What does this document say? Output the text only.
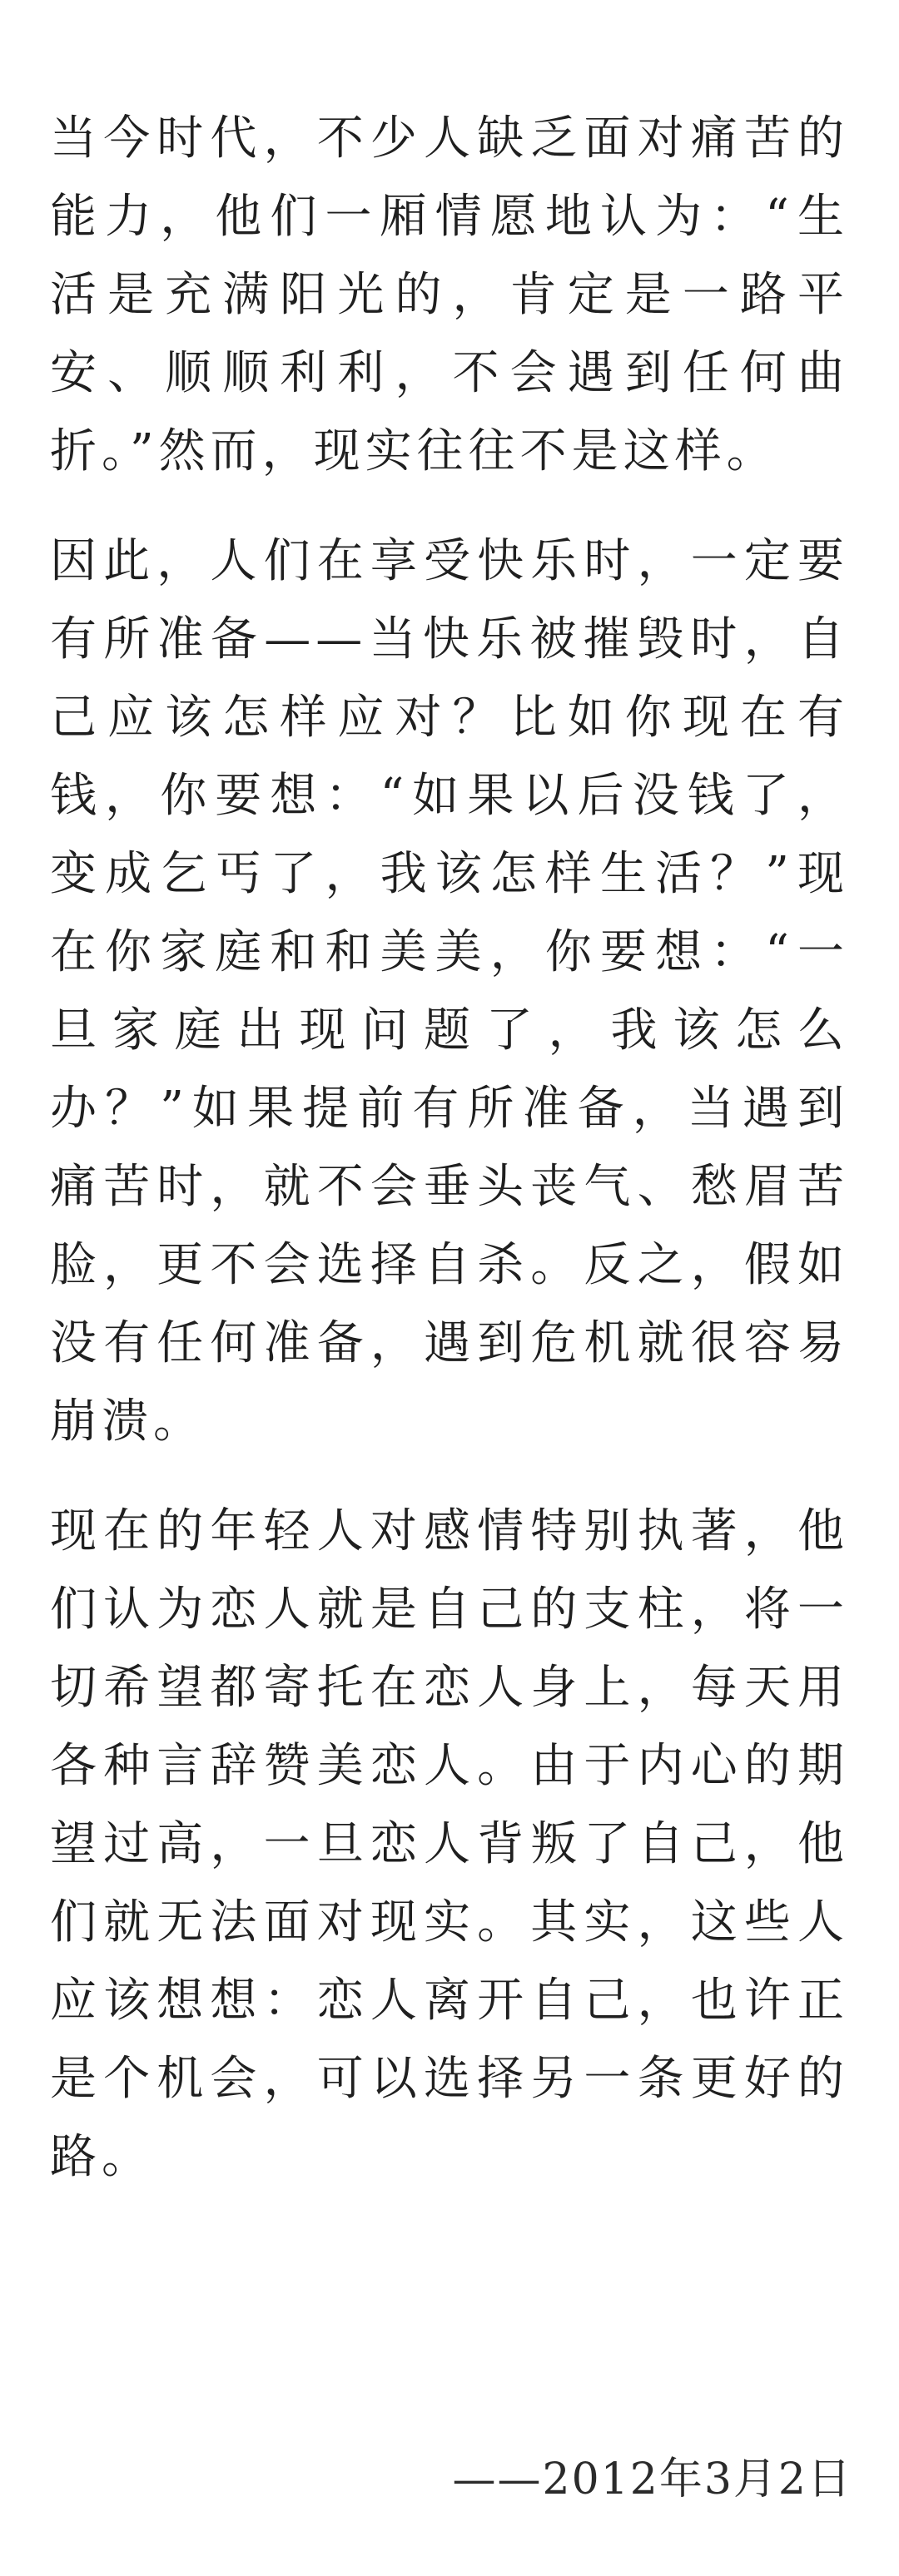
当今时代，不少人缺乏面对痛苦的能力，他们一厢情愿地认为：“生活是充满阳光的，肯定是一路平安、顺顺利利，不会遇到任何曲折。”然而，现实往往不是这样。

因此，人们在享受快乐时，一定要有所准备——当快乐被摧毁时，自己应该怎样应对？比如你现在有钱，你要想：“如果以后没钱了，变成乞丐了，我该怎样生活？”现在你家庭和和美美，你要想：“一旦家庭出现问题了，我该怎么办？”如果提前有所准备，当遇到痛苦时，就不会垂头丧气、愁眉苦脸，更不会选择自杀。反之，假如没有任何准备，遇到危机就很容易崩溃。

现在的年轻人对感情特别执著，他们认为恋人就是自己的支柱，将一切希望都寄托在恋人身上，每天用各种言辞赞美恋人。由于内心的期望过高，一旦恋人背叛了自己，他们就无法面对现实。其实，这些人应该想想：恋人离开自己，也许正是个机会，可以选择另一条更好的路。

——2012年3月2日
